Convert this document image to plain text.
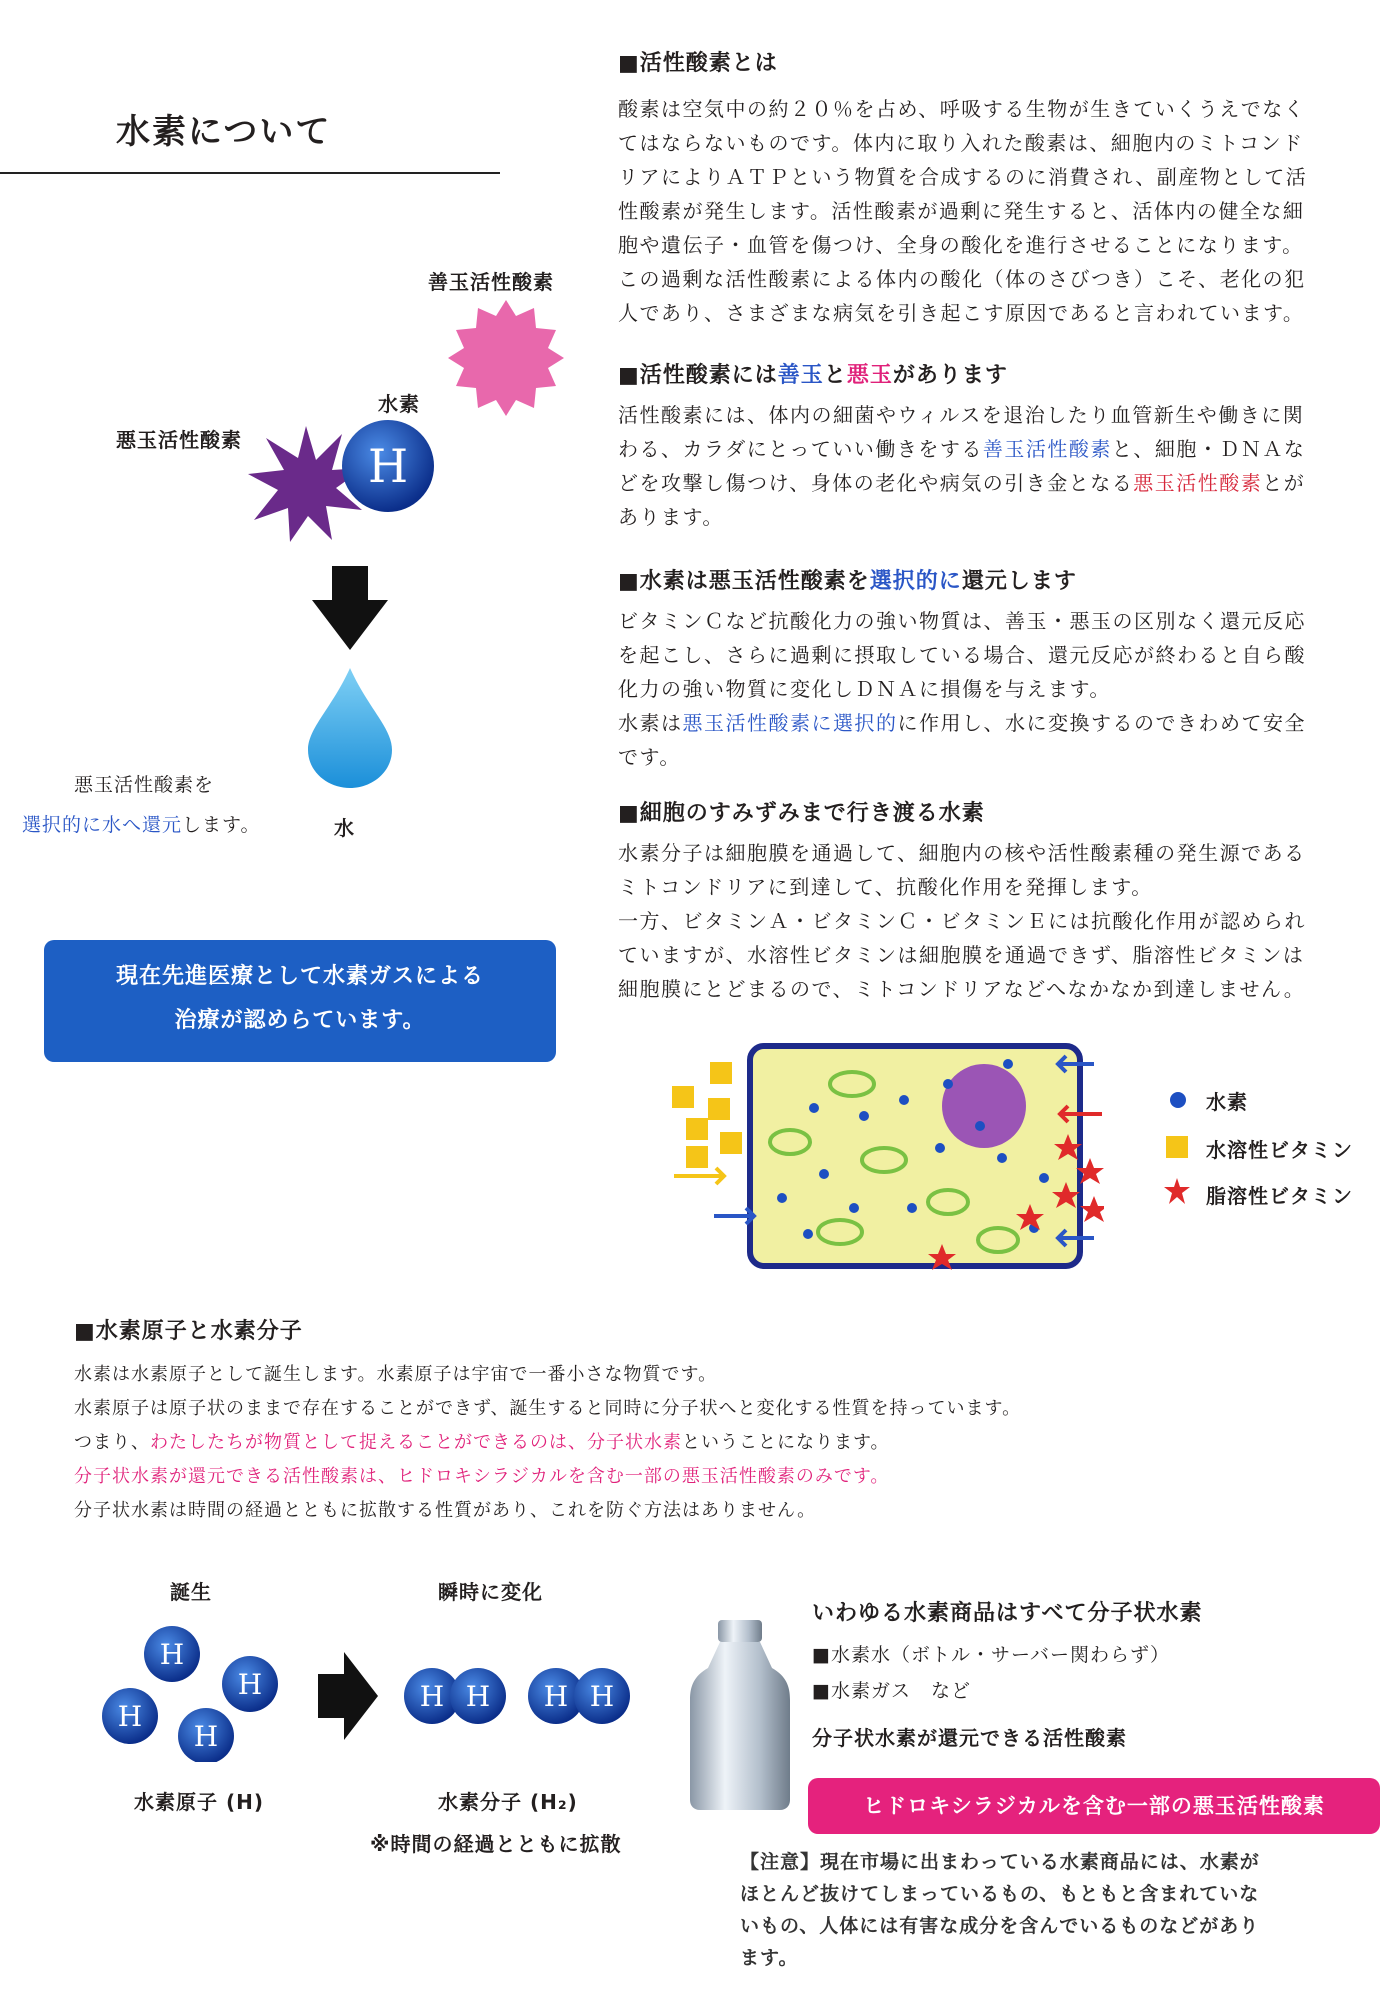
水素について
■活性酸素とは
酸素は空気中の約２０％を占め、呼吸する生物が生きていくうえでなく
てはならないものです。体内に取り入れた酸素は、細胞内のミトコンド
リアによりＡＴＰという物質を合成するのに消費され、副産物として活
性酸素が発生します。活性酸素が過剰に発生すると、活体内の健全な細
胞や遺伝子・血管を傷つけ、全身の酸化を進行させることになります。
この過剰な活性酸素による体内の酸化（体のさびつき）こそ、老化の犯
人であり、さまざまな病気を引き起こす原因であると言われています。
■活性酸素には善玉と悪玉があります
活性酸素には、体内の細菌やウィルスを退治したり血管新生や働きに関
わる、カラダにとっていい働きをする善玉活性酸素と、細胞・ＤＮＡな
どを攻撃し傷つけ、身体の老化や病気の引き金となる悪玉活性酸素とが
あります。
■水素は悪玉活性酸素を選択的に還元します
ビタミンＣなど抗酸化力の強い物質は、善玉・悪玉の区別なく還元反応
を起こし、さらに過剰に摂取している場合、還元反応が終わると自ら酸
化力の強い物質に変化しＤＮＡに損傷を与えます。
水素は悪玉活性酸素に選択的に作用し、水に変換するのできわめて安全
です。
■細胞のすみずみまで行き渡る水素
水素分子は細胞膜を通過して、細胞内の核や活性酸素種の発生源である
ミトコンドリアに到達して、抗酸化作用を発揮します。
一方、ビタミンＡ・ビタミンＣ・ビタミンＥには抗酸化作用が認められ
ていますが、水溶性ビタミンは細胞膜を通過できず、脂溶性ビタミンは
細胞膜にとどまるので、ミトコンドリアなどへなかなか到達しません。
善玉活性酸素
水素
悪玉活性酸素	H
水
悪玉活性酸素を
選択的に水へ還元します。
現在先進医療として水素ガスによる
治療が認めらています。
水素
水溶性ビタミン
脂溶性ビタミン
■水素原子と水素分子
水素は水素原子として誕生します。水素原子は宇宙で一番小さな物質です。
水素原子は原子状のままで存在することができず、誕生すると同時に分子状へと変化する性質を持っています。
つまり、わたしたちが物質として捉えることができるのは、分子状水素ということになります。
分子状水素が還元できる活性酸素は、ヒドロキシラジカルを含む一部の悪玉活性酸素のみです。
分子状水素は時間の経過とともに拡散する性質があり、これを防ぐ方法はありません。
誕生	瞬時に変化
H
H
H
H
H H H H
水素原子 (H)	水素分子 (H₂)
※時間の経過とともに拡散
いわゆる水素商品はすべて分子状水素
■水素水（ボトル・サーバー関わらず）
■水素ガス　など
分子状水素が還元できる活性酸素
ヒドロキシラジカルを含む一部の悪玉活性酸素
【注意】現在市場に出まわっている水素商品には、水素が
ほとんど抜けてしまっているもの、もともと含まれていな
いもの、人体には有害な成分を含んでいるものなどがあり
ます。
